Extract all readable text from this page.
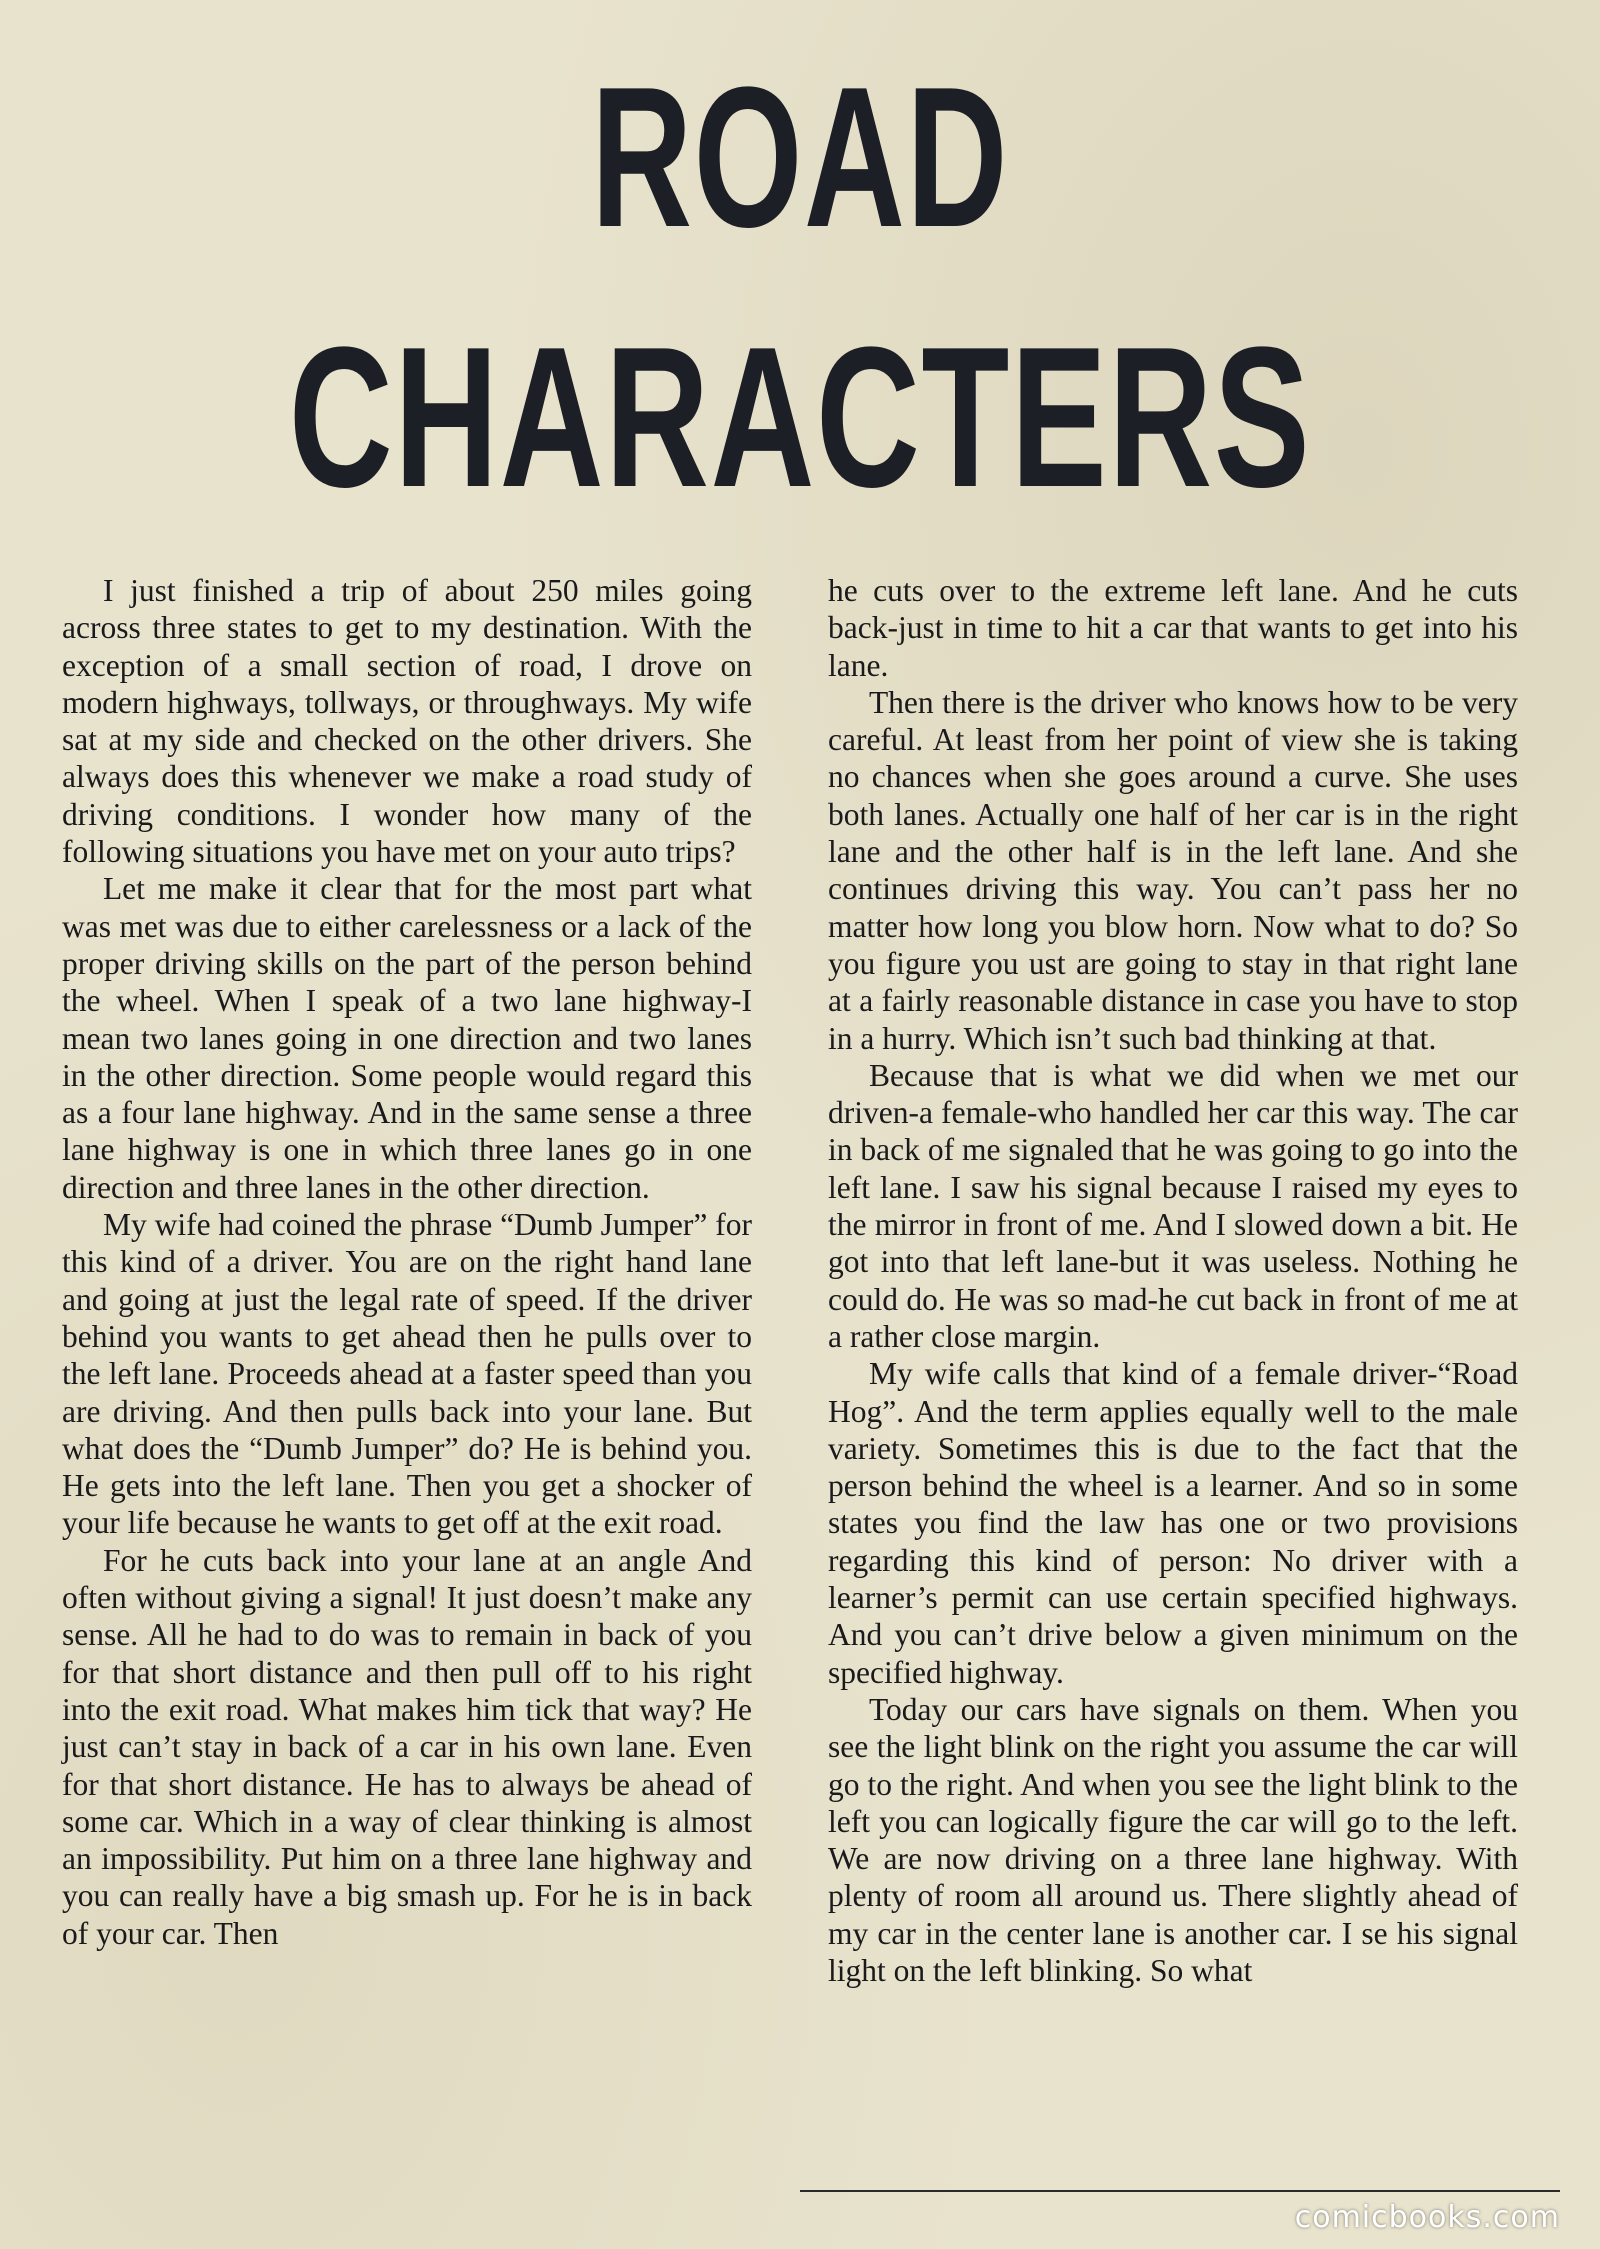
ROAD
CHARACTERS

I just finished a trip of about 250 miles going across three states to get to my destination. With the exception of a small section of road, I drove on modern highways, tollways, or throughways. My wife sat at my side and checked on the other drivers. She always does this whenever we make a road study of driving conditions. I wonder how many of the following situations you have met on your auto trips?

Let me make it clear that for the most part what was met was due to either carelessness or a lack of the proper driving skills on the part of the person behind the wheel. When I speak of a two lane highway-I mean two lanes going in one direction and two lanes in the other direction. Some people would regard this as a four lane highway. And in the same sense a three lane highway is one in which three lanes go in one direction and three lanes in the other direction.

My wife had coined the phrase “Dumb Jumper” for this kind of a driver. You are on the right hand lane and going at just the legal rate of speed. If the driver behind you wants to get ahead then he pulls over to the left lane. Proceeds ahead at a faster speed than you are driving. And then pulls back into your lane. But what does the “Dumb Jumper” do? He is behind you. He gets into the left lane. Then you get a shocker of your life because he wants to get off at the exit road.

For he cuts back into your lane at an angle And often without giving a signal! It just doesn’t make any sense. All he had to do was to remain in back of you for that short distance and then pull off to his right into the exit road. What makes him tick that way? He just can’t stay in back of a car in his own lane. Even for that short distance. He has to always be ahead of some car. Which in a way of clear thinking is almost an impossibility. Put him on a three lane highway and you can really have a big smash up. For he is in back of your car. Then

he cuts over to the extreme left lane. And he cuts back-just in time to hit a car that wants to get into his lane.

Then there is the driver who knows how to be very careful. At least from her point of view she is taking no chances when she goes around a curve. She uses both lanes. Actually one half of her car is in the right lane and the other half is in the left lane. And she continues driving this way. You can’t pass her no matter how long you blow horn. Now what to do? So you figure you ust are going to stay in that right lane at a fairly reasonable distance in case you have to stop in a hurry. Which isn’t such bad thinking at that.

Because that is what we did when we met our driven-a female-who handled her car this way. The car in back of me signaled that he was going to go into the left lane. I saw his signal because I raised my eyes to the mirror in front of me. And I slowed down a bit. He got into that left lane-but it was useless. Nothing he could do. He was so mad-he cut back in front of me at a rather close margin.

My wife calls that kind of a female driver-“Road Hog”. And the term applies equally well to the male variety. Sometimes this is due to the fact that the person behind the wheel is a learner. And so in some states you find the law has one or two provisions regarding this kind of person: No driver with a learner’s permit can use certain specified highways. And you can’t drive below a given minimum on the specified highway.

Today our cars have signals on them. When you see the light blink on the right you assume the car will go to the right. And when you see the light blink to the left you can logically figure the car will go to the left. We are now driving on a three lane highway. With plenty of room all around us. There slightly ahead of my car in the center lane is another car. I se his signal light on the left blinking. So what

comicbooks.com
